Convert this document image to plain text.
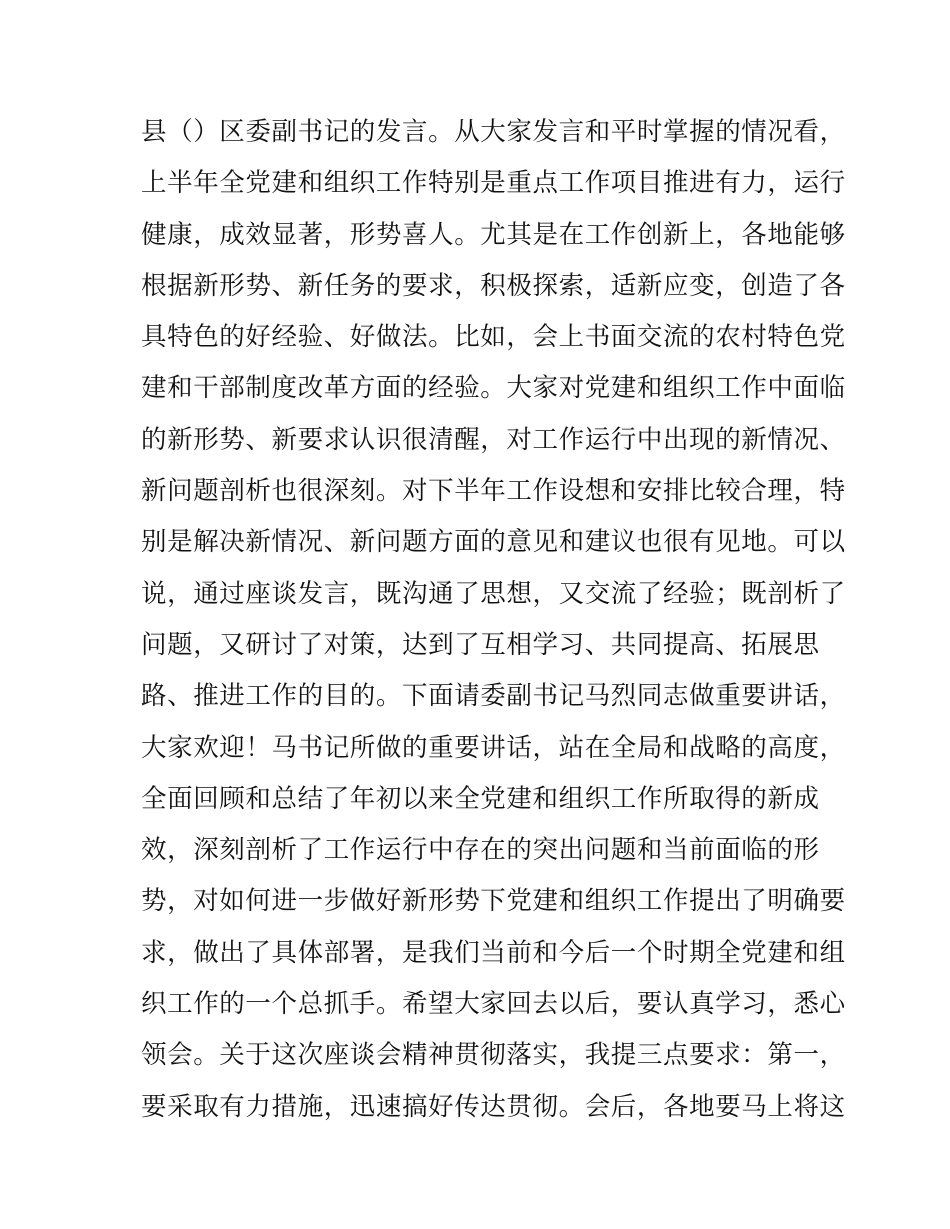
县（）区委副书记的发言。从大家发言和平时掌握的情况看，
上半年全党建和组织工作特别是重点工作项目推进有力，运行
健康，成效显著，形势喜人。尤其是在工作创新上，各地能够
根据新形势、新任务的要求，积极探索，适新应变，创造了各
具特色的好经验、好做法。比如，会上书面交流的农村特色党
建和干部制度改革方面的经验。大家对党建和组织工作中面临
的新形势、新要求认识很清醒，对工作运行中出现的新情况、
新问题剖析也很深刻。对下半年工作设想和安排比较合理，特
别是解决新情况、新问题方面的意见和建议也很有见地。可以
说，通过座谈发言，既沟通了思想，又交流了经验；既剖析了
问题，又研讨了对策，达到了互相学习、共同提高、拓展思
路、推进工作的目的。下面请委副书记马烈同志做重要讲话，
大家欢迎！马书记所做的重要讲话，站在全局和战略的高度，
全面回顾和总结了年初以来全党建和组织工作所取得的新成
效，深刻剖析了工作运行中存在的突出问题和当前面临的形
势，对如何进一步做好新形势下党建和组织工作提出了明确要
求，做出了具体部署，是我们当前和今后一个时期全党建和组
织工作的一个总抓手。希望大家回去以后，要认真学习，悉心
领会。关于这次座谈会精神贯彻落实，我提三点要求：第一，
要采取有力措施，迅速搞好传达贯彻。会后，各地要马上将这
